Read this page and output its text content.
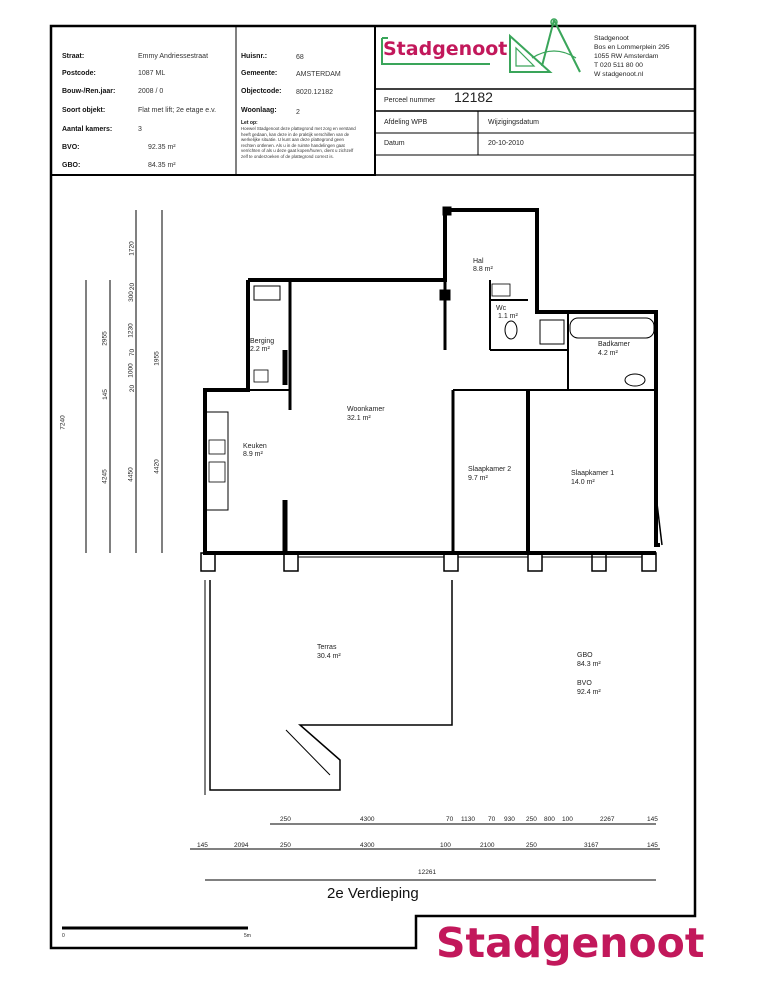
Straat:	Emmy Andriessestraat
Postcode:	1087 ML
Bouw-/Ren.jaar:	2008 / 0
Soort objekt:	Flat met lift; 2e etage e.v.
Aantal kamers:	3
BVO:	92.35 m²
GBO:	84.35 m²
Huisnr.:	68
Gemeente:	AMSTERDAM
Objectcode: 8020.12182
Woonlaag:	2
Let op:
Hoewel Stadgenoot deze plattegrond met zorg en verstand heeft gedaan, kan deze in de praktijk verschillen van de werkelijke situatie. U kunt aan deze plattegrond geen rechten ontlenen. Als u in de ruimte handelingen gaat verrichten of als u deze gaat kopen/huren, dient u zichzelf zelf te onderzoeken of de plattegrond correct is.
Stadgenoot	Stadgenoot
Bos en Lommerplein 295
1055 RW Amsterdam
T 020 511 80 00
W stadgenoot.nl
Perceel nummer 12182
Afdeling WPB	Wijzigingsdatum
Datum	20-10-2010
Berging
2.2 m²
Woonkamer
32.1 m²
Keuken
8.9 m²
Hal
8.8 m²
Wc
1.1 m²
Badkamer
4.2 m²
Slaapkamer 2
9.7 m²
Slaapkamer 1
14.0 m²
Terras
30.4 m²	GBO
84.3 m²
BVO
92.4 m²
7240
2955
145
4245
1720
20
300
1230
70
1000
20
4450
1955
4420
250	4300	70 1130 70 930 250 800 100	2267	145
145	2094	250	4300	100	2100	250	3167	145
12261
2e Verdieping
0	5m	Stadgenoot
